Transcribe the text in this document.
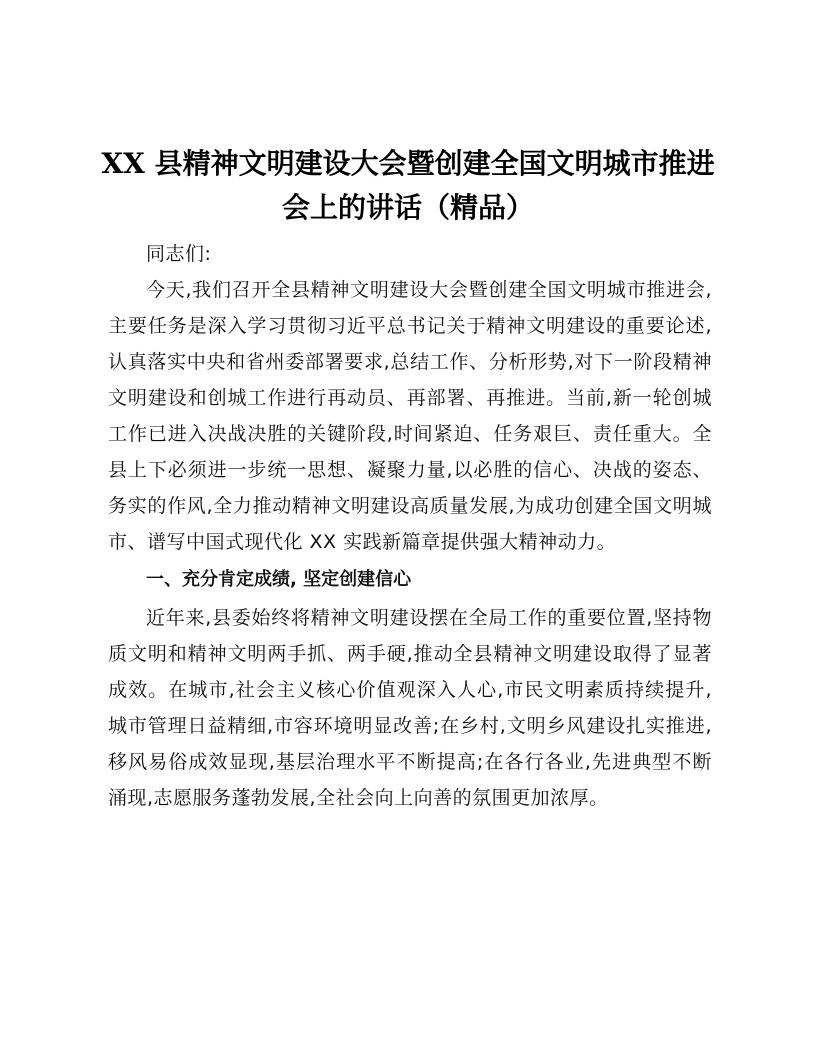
XX 县精神文明建设大会暨创建全国文明城市推进会上的讲话（精品）

同志们:

今天,我们召开全县精神文明建设大会暨创建全国文明城市推进会,主要任务是深入学习贯彻习近平总书记关于精神文明建设的重要论述,认真落实中央和省州委部署要求,总结工作、分析形势,对下一阶段精神文明建设和创城工作进行再动员、再部署、再推进。当前,新一轮创城工作已进入决战决胜的关键阶段,时间紧迫、任务艰巨、责任重大。全县上下必须进一步统一思想、凝聚力量,以必胜的信心、决战的姿态、务实的作风,全力推动精神文明建设高质量发展,为成功创建全国文明城市、谱写中国式现代化 XX 实践新篇章提供强大精神动力。

一、充分肯定成绩, 坚定创建信心

近年来,县委始终将精神文明建设摆在全局工作的重要位置,坚持物质文明和精神文明两手抓、两手硬,推动全县精神文明建设取得了显著成效。在城市,社会主义核心价值观深入人心,市民文明素质持续提升,城市管理日益精细,市容环境明显改善;在乡村,文明乡风建设扎实推进,移风易俗成效显现,基层治理水平不断提高;在各行各业,先进典型不断涌现,志愿服务蓬勃发展,全社会向上向善的氛围更加浓厚。
